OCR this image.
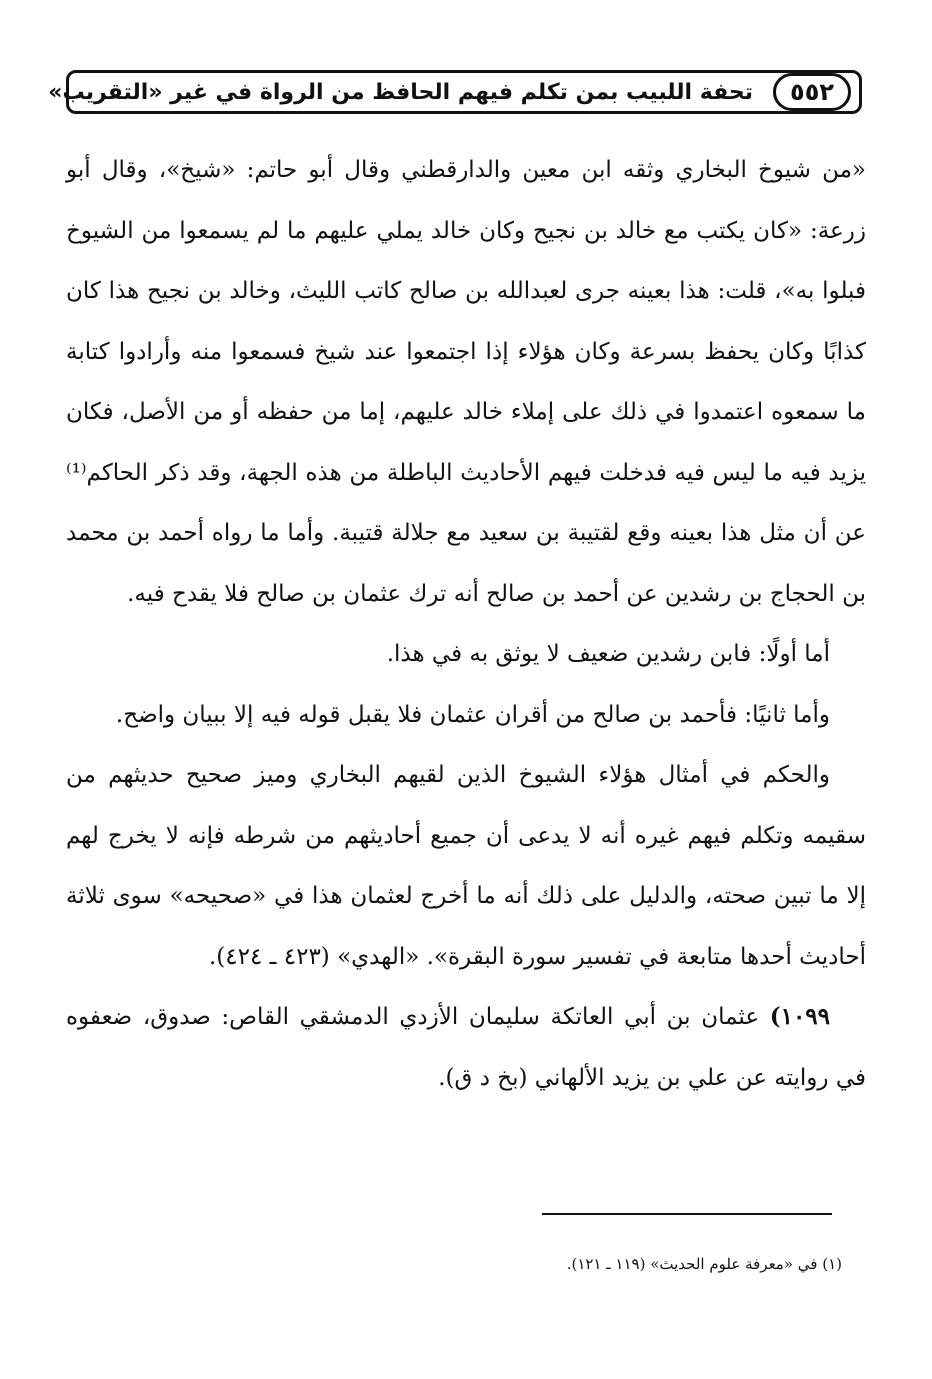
٥٥٢
تحفة اللبيب بمن تكلم فيهم الحافظ من الرواة في غير «التقريب»

«من شيوخ البخاري وثقه ابن معين والدارقطني وقال أبو حاتم: «شيخ»، وقال أبو زرعة: «كان يكتب مع خالد بن نجيح وكان خالد يملي عليهم ما لم يسمعوا من الشيوخ فبلوا به»، قلت: هذا بعينه جرى لعبدالله بن صالح كاتب الليث، وخالد بن نجيح هذا كان كذابًا وكان يحفظ بسرعة وكان هؤلاء إذا اجتمعوا عند شيخ فسمعوا منه وأرادوا كتابة ما سمعوه اعتمدوا في ذلك على إملاء خالد عليهم، إما من حفظه أو من الأصل، فكان يزيد فيه ما ليس فيه فدخلت فيهم الأحاديث الباطلة من هذه الجهة، وقد ذكر الحاكم⁽¹⁾ عن أن مثل هذا بعينه وقع لقتيبة بن سعيد مع جلالة قتيبة. وأما ما رواه أحمد بن محمد بن الحجاج بن رشدين عن أحمد بن صالح أنه ترك عثمان بن صالح فلا يقدح فيه.

أما أولًا: فابن رشدين ضعيف لا يوثق به في هذا.

وأما ثانيًا: فأحمد بن صالح من أقران عثمان فلا يقبل قوله فيه إلا ببيان واضح.

والحكم في أمثال هؤلاء الشيوخ الذين لقيهم البخاري وميز صحيح حديثهم من سقيمه وتكلم فيهم غيره أنه لا يدعى أن جميع أحاديثهم من شرطه فإنه لا يخرج لهم إلا ما تبين صحته، والدليل على ذلك أنه ما أخرج لعثمان هذا في «صحيحه» سوى ثلاثة أحاديث أحدها متابعة في تفسير سورة البقرة». «الهدي» (٤٢٣ ـ ٤٢٤).

١٠٩٩) عثمان بن أبي العاتكة سليمان الأزدي الدمشقي القاص: صدوق، ضعفوه في روايته عن علي بن يزيد الألهاني (بخ د ق).

(١) في «معرفة علوم الحديث» (١١٩ ـ ١٢١).
